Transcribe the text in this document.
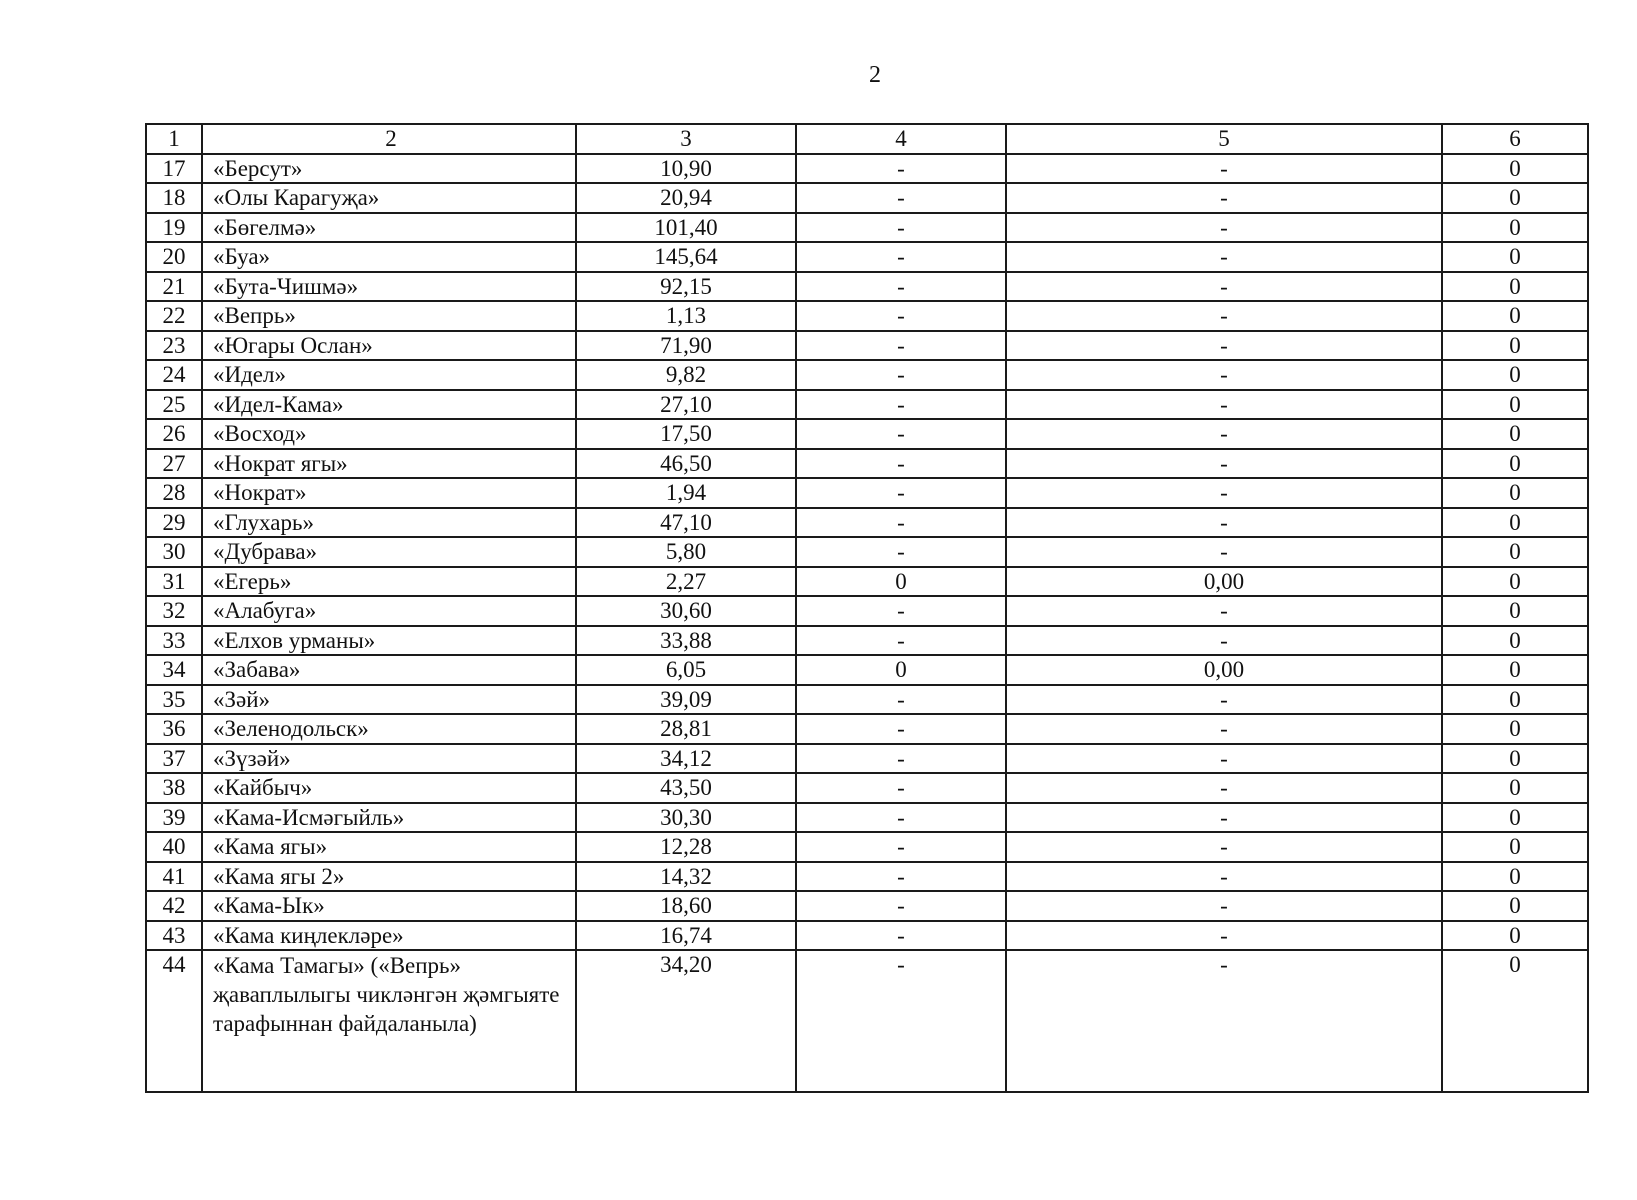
2
1	2	3	4	5	6
17	«Берсут»	10,90	-	-	0
18	«Олы Карагуҗа»	20,94	-	-	0
19	«Бөгелмә»	101,40	-	-	0
20	«Буа»	145,64	-	-	0
21	«Бута-Чишмә»	92,15	-	-	0
22	«Вепрь»	1,13	-	-	0
23	«Югары Ослан»	71,90	-	-	0
24	«Идел»	9,82	-	-	0
25	«Идел-Кама»	27,10	-	-	0
26	«Восход»	17,50	-	-	0
27	«Нократ ягы»	46,50	-	-	0
28	«Нократ»	1,94	-	-	0
29	«Глухарь»	47,10	-	-	0
30	«Дубрава»	5,80	-	-	0
31	«Егерь»	2,27	0	0,00	0
32	«Алабуга»	30,60	-	-	0
33	«Елхов урманы»	33,88	-	-	0
34	«Забава»	6,05	0	0,00	0
35	«Зәй»	39,09	-	-	0
36	«Зеленодольск»	28,81	-	-	0
37	«Зүзәй»	34,12	-	-	0
38	«Кайбыч»	43,50	-	-	0
39	«Кама-Исмәгыйль»	30,30	-	-	0
40	«Кама ягы»	12,28	-	-	0
41	«Кама ягы 2»	14,32	-	-	0
42	«Кама-Ык»	18,60	-	-	0
43	«Кама киңлекләре»	16,74	-	-	0
44	«Кама Тамагы» («Вепрь» җаваплылыгы чикләнгән җәмгыяте тарафыннан файдаланыла)	34,20	-	-	0
